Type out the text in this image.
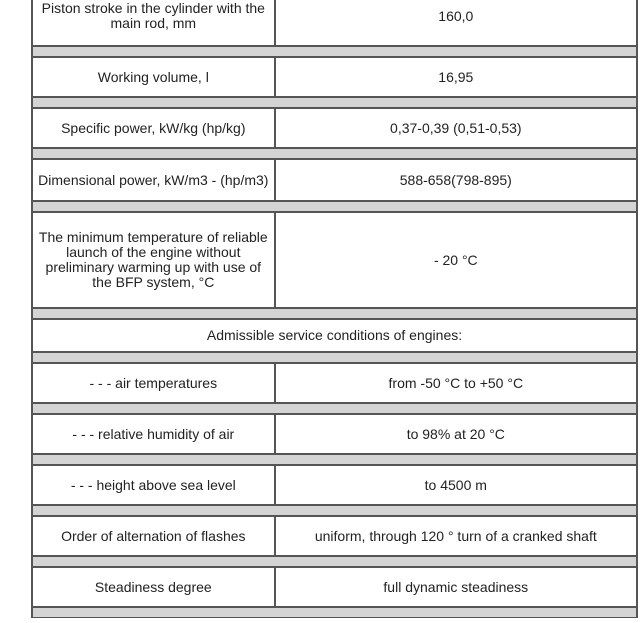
Piston stroke in the cylinder with the main rod, mm	160,0

Working volume, l	16,95

Specific power, kW/kg (hp/kg)	0,37-0,39 (0,51-0,53)

Dimensional power, kW/m3 - (hp/m3)	588-658(798-895)

The minimum temperature of reliable launch of the engine without preliminary warming up with use of the BFP system, °C	- 20 °C

Admissible service conditions of engines:	

- - - air temperatures	from -50 °C to +50 °C

- - - relative humidity of air	to 98% at 20 °C

- - - height above sea level	to 4500 m

Order of alternation of flashes	uniform, through 120 ° turn of a cranked shaft

Steadiness degree	full dynamic steadiness
